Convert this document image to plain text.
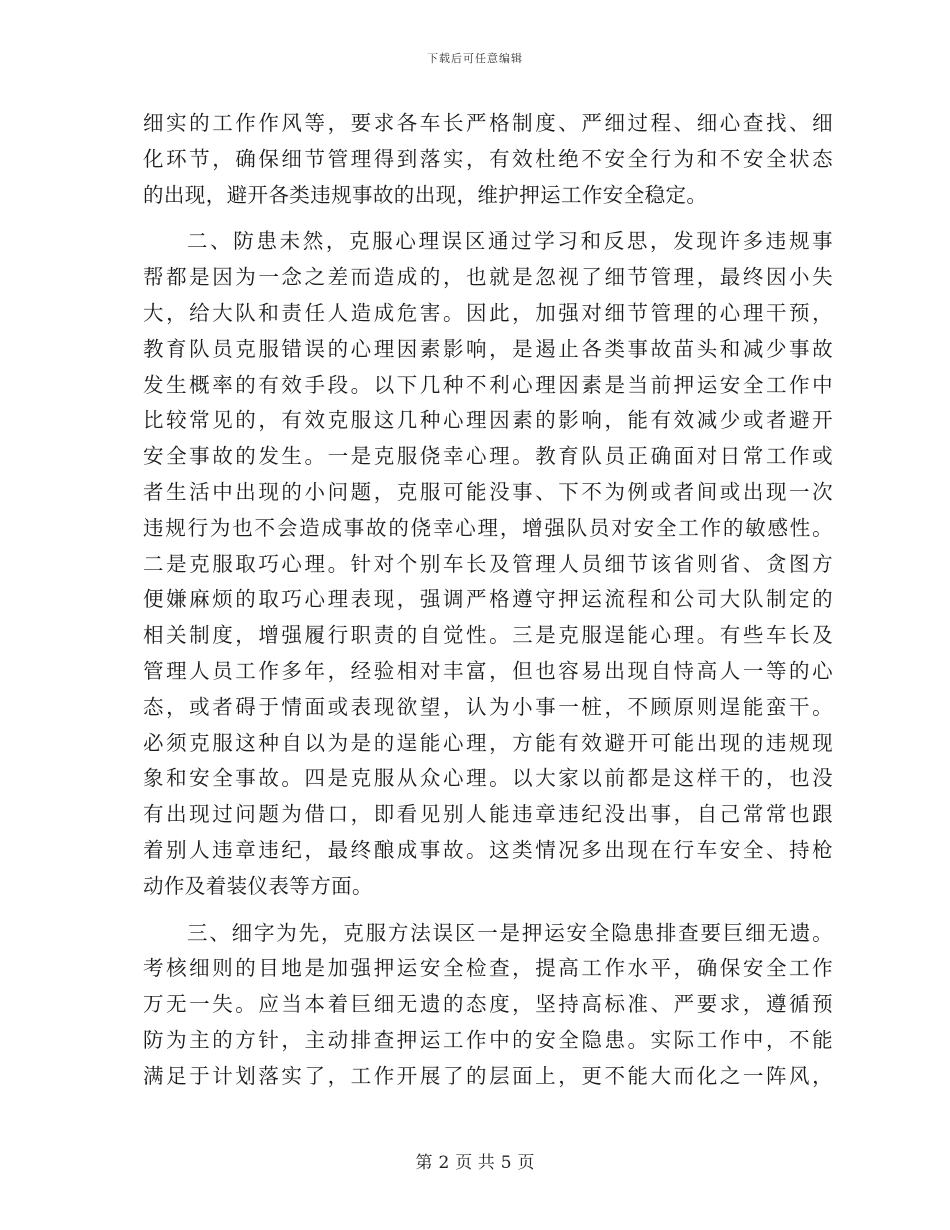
下载后可任意编辑
细实的工作作风等，要求各车长严格制度、严细过程、细心查找、细
化环节，确保细节管理得到落实，有效杜绝不安全行为和不安全状态
的出现，避开各类违规事故的出现，维护押运工作安全稳定。
二、防患未然，克服心理误区通过学习和反思，发现许多违规事
帮都是因为一念之差而造成的，也就是忽视了细节管理，最终因小失
大，给大队和责任人造成危害。因此，加强对细节管理的心理干预，
教育队员克服错误的心理因素影响，是遏止各类事故苗头和减少事故
发生概率的有效手段。以下几种不利心理因素是当前押运安全工作中
比较常见的，有效克服这几种心理因素的影响，能有效减少或者避开
安全事故的发生。一是克服侥幸心理。教育队员正确面对日常工作或
者生活中出现的小问题，克服可能没事、下不为例或者间或出现一次
违规行为也不会造成事故的侥幸心理，增强队员对安全工作的敏感性。
二是克服取巧心理。针对个别车长及管理人员细节该省则省、贪图方
便嫌麻烦的取巧心理表现，强调严格遵守押运流程和公司大队制定的
相关制度，增强履行职责的自觉性。三是克服逞能心理。有些车长及
管理人员工作多年，经验相对丰富，但也容易出现自恃高人一等的心
态，或者碍于情面或表现欲望，认为小事一桩，不顾原则逞能蛮干。
必须克服这种自以为是的逞能心理，方能有效避开可能出现的违规现
象和安全事故。四是克服从众心理。以大家以前都是这样干的，也没
有出现过问题为借口，即看见别人能违章违纪没出事，自己常常也跟
着别人违章违纪，最终酿成事故。这类情况多出现在行车安全、持枪
动作及着装仪表等方面。
三、细字为先，克服方法误区一是押运安全隐患排查要巨细无遗。
考核细则的目地是加强押运安全检查，提高工作水平，确保安全工作
万无一失。应当本着巨细无遗的态度，坚持高标准、严要求，遵循预
防为主的方针，主动排查押运工作中的安全隐患。实际工作中，不能
满足于计划落实了，工作开展了的层面上，更不能大而化之一阵风，
第 2 页 共 5 页
